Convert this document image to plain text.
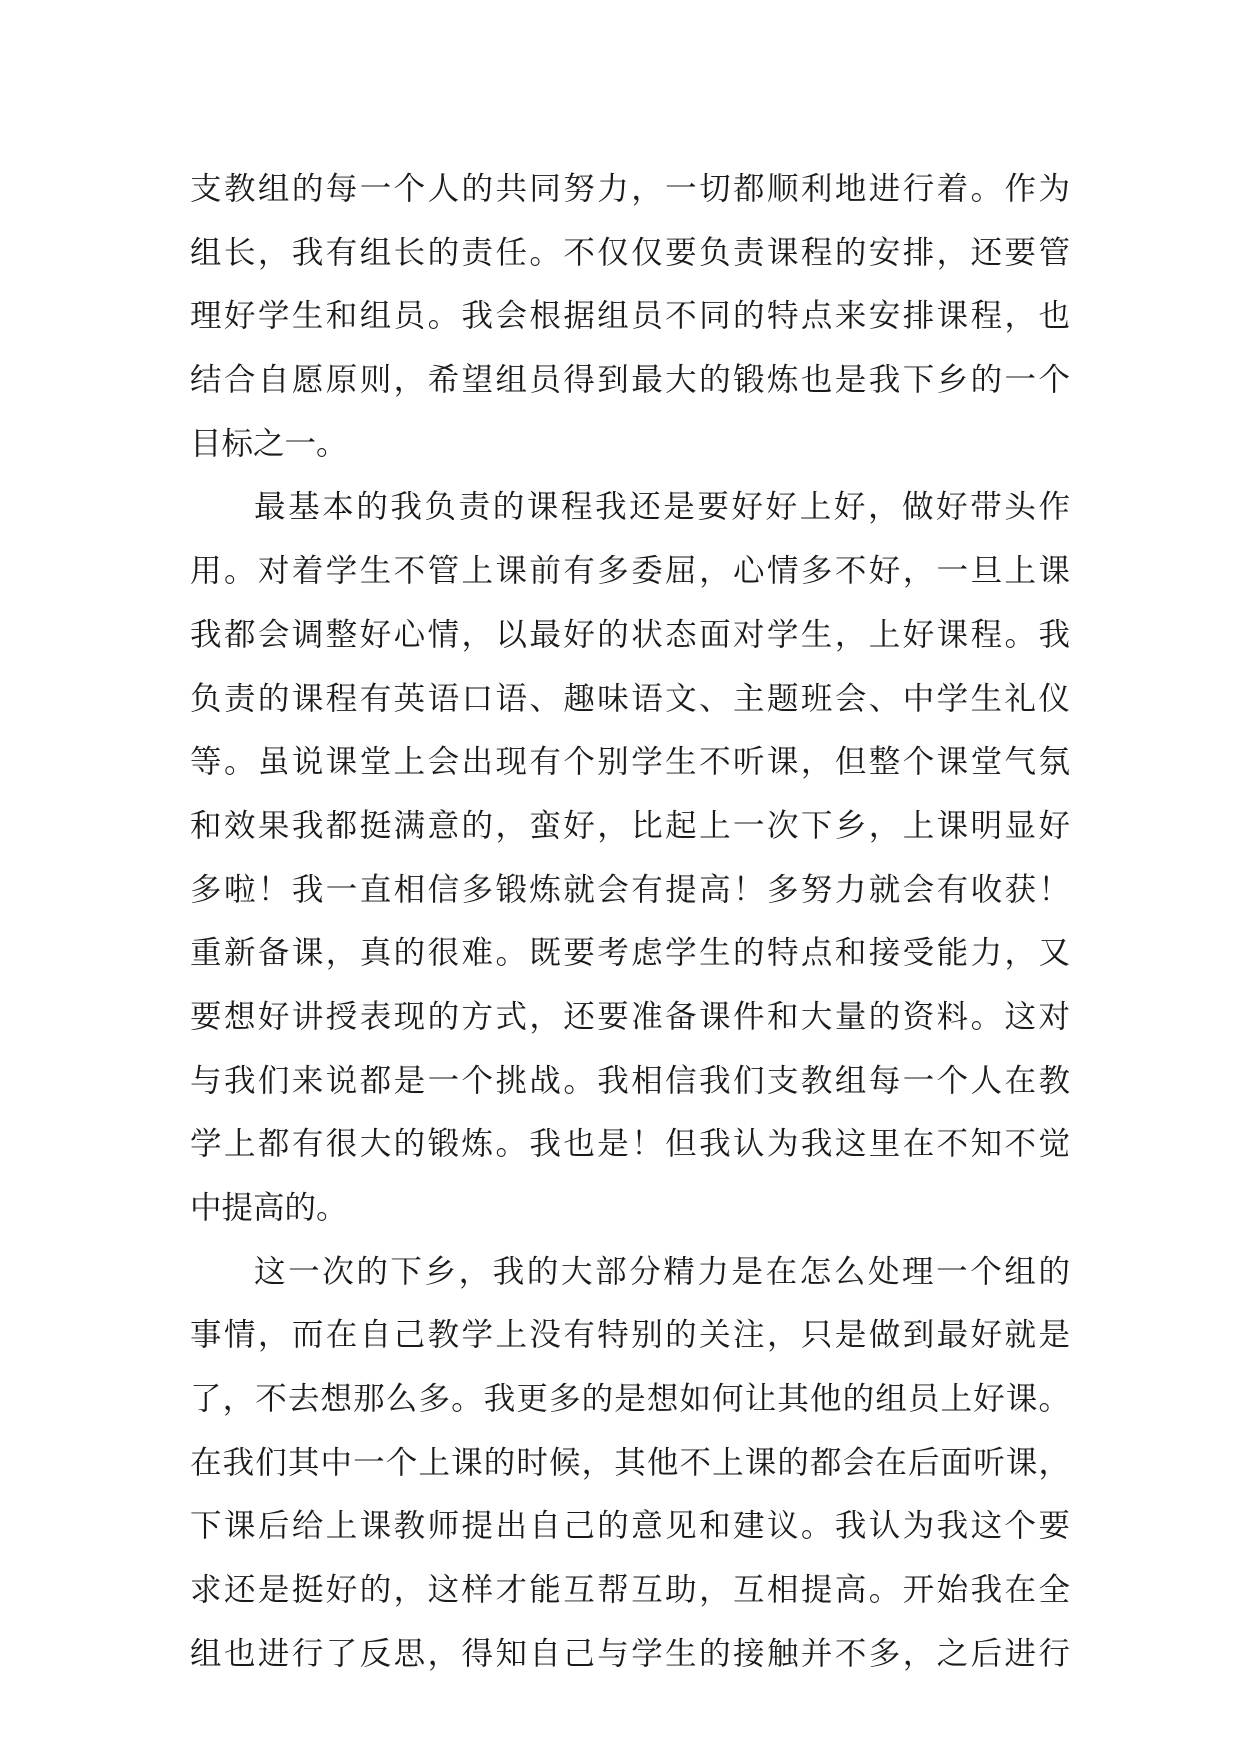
支教组的每一个人的共同努力，一切都顺利地进行着。作为
组长，我有组长的责任。不仅仅要负责课程的安排，还要管
理好学生和组员。我会根据组员不同的特点来安排课程，也
结合自愿原则，希望组员得到最大的锻炼也是我下乡的一个
目标之一。
最基本的我负责的课程我还是要好好上好，做好带头作
用。对着学生不管上课前有多委屈，心情多不好，一旦上课
我都会调整好心情，以最好的状态面对学生，上好课程。我
负责的课程有英语口语、趣味语文、主题班会、中学生礼仪
等。虽说课堂上会出现有个别学生不听课，但整个课堂气氛
和效果我都挺满意的，蛮好，比起上一次下乡，上课明显好
多啦！我一直相信多锻炼就会有提高！多努力就会有收获！
重新备课，真的很难。既要考虑学生的特点和接受能力，又
要想好讲授表现的方式，还要准备课件和大量的资料。这对
与我们来说都是一个挑战。我相信我们支教组每一个人在教
学上都有很大的锻炼。我也是！但我认为我这里在不知不觉
中提高的。
这一次的下乡，我的大部分精力是在怎么处理一个组的
事情，而在自己教学上没有特别的关注，只是做到最好就是
了，不去想那么多。我更多的是想如何让其他的组员上好课。
在我们其中一个上课的时候，其他不上课的都会在后面听课，
下课后给上课教师提出自己的意见和建议。我认为我这个要
求还是挺好的，这样才能互帮互助，互相提高。开始我在全
组也进行了反思，得知自己与学生的接触并不多，之后进行
